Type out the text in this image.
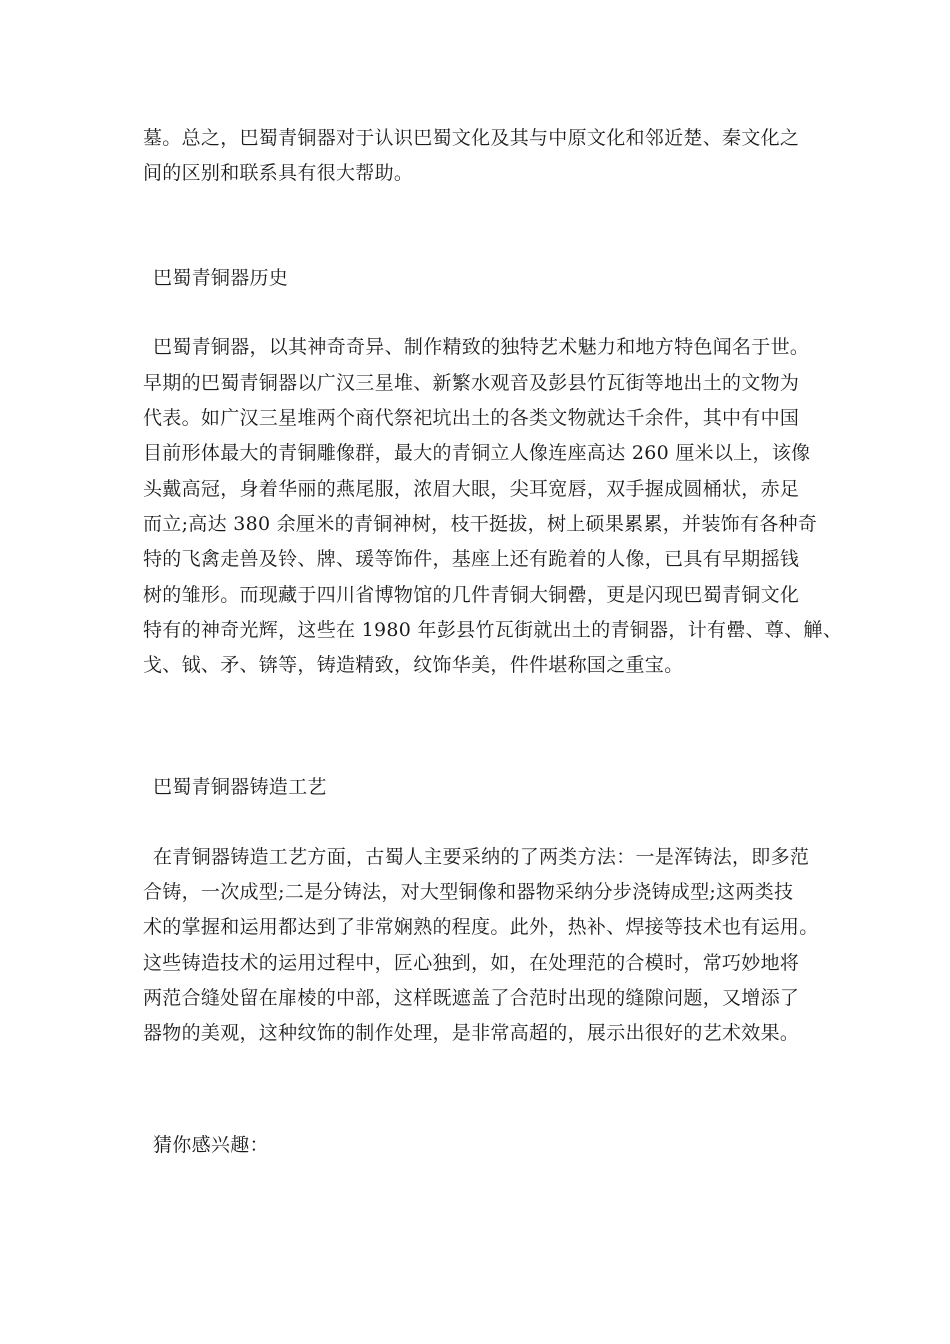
墓。总之，巴蜀青铜器对于认识巴蜀文化及其与中原文化和邻近楚、秦文化之
间的区别和联系具有很大帮助。
巴蜀青铜器历史
巴蜀青铜器，以其神奇奇异、制作精致的独特艺术魅力和地方特色闻名于世。
早期的巴蜀青铜器以广汉三星堆、新繁水观音及彭县竹瓦街等地出土的文物为
代表。如广汉三星堆两个商代祭祀坑出土的各类文物就达千余件，其中有中国
目前形体最大的青铜雕像群，最大的青铜立人像连座高达 260 厘米以上，该像
头戴高冠，身着华丽的燕尾服，浓眉大眼，尖耳宽唇，双手握成圆桶状，赤足
而立;高达 380 余厘米的青铜神树，枝干挺拔，树上硕果累累，并装饰有各种奇
特的飞禽走兽及铃、牌、瑗等饰件，基座上还有跪着的人像，已具有早期摇钱
树的雏形。而现藏于四川省博物馆的几件青铜大铜罍，更是闪现巴蜀青铜文化
特有的神奇光辉，这些在 1980 年彭县竹瓦街就出土的青铜器，计有罍、尊、觯、
戈、钺、矛、锛等，铸造精致，纹饰华美，件件堪称国之重宝。
巴蜀青铜器铸造工艺
在青铜器铸造工艺方面，古蜀人主要采纳的了两类方法：一是浑铸法，即多范
合铸，一次成型;二是分铸法，对大型铜像和器物采纳分步浇铸成型;这两类技
术的掌握和运用都达到了非常娴熟的程度。此外，热补、焊接等技术也有运用。
这些铸造技术的运用过程中，匠心独到，如，在处理范的合模时，常巧妙地将
两范合缝处留在扉棱的中部，这样既遮盖了合范时出现的缝隙问题，又增添了
器物的美观，这种纹饰的制作处理，是非常高超的，展示出很好的艺术效果。
猜你感兴趣：
